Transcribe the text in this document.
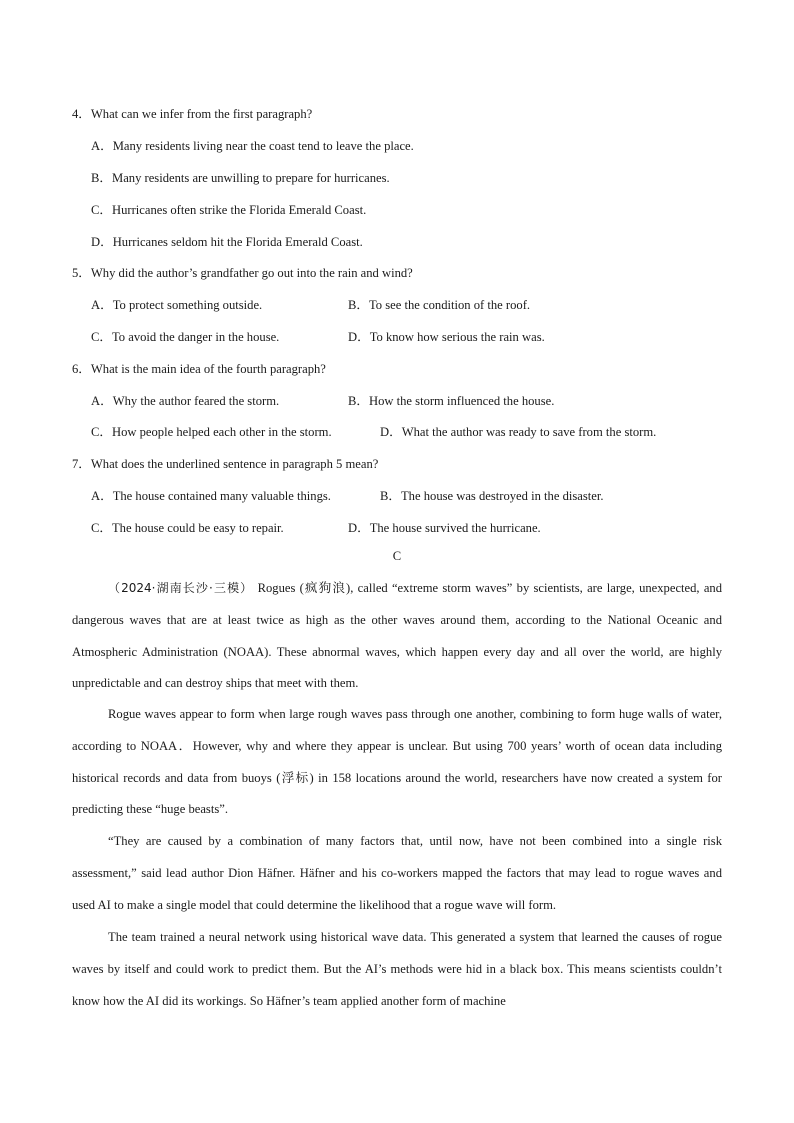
4．What can we infer from the first paragraph?
A．Many residents living near the coast tend to leave the place.
B．Many residents are unwilling to prepare for hurricanes.
C．Hurricanes often strike the Florida Emerald Coast.
D．Hurricanes seldom hit the Florida Emerald Coast.
5．Why did the author’s grandfather go out into the rain and wind?
A．To protect something outside.	B．To see the condition of the roof.
C．To avoid the danger in the house.	D．To know how serious the rain was.
6．What is the main idea of the fourth paragraph?
A．Why the author feared the storm.	B．How the storm influenced the house.
C．How people helped each other in the storm.	D．What the author was ready to save from the storm.
7．What does the underlined sentence in paragraph 5 mean?
A．The house contained many valuable things.	B．The house was destroyed in the disaster.
C．The house could be easy to repair.	D．The house survived the hurricane.
C
（2024·湖南长沙·三模） Rogues (疯狗浪), called “extreme storm waves” by scientists, are large, unexpected, and dangerous waves that are at least twice as high as the other waves around them, according to the National Oceanic and Atmospheric Administration (NOAA). These abnormal waves, which happen every day and all over the world, are highly unpredictable and can destroy ships that meet with them.
Rogue waves appear to form when large rough waves pass through one another, combining to form huge walls of water, according to NOAA．However, why and where they appear is unclear. But using 700 years’ worth of ocean data including historical records and data from buoys (浮标) in 158 locations around the world, researchers have now created a system for predicting these “huge beasts”.
“They are caused by a combination of many factors that, until now, have not been combined into a single risk assessment,” said lead author Dion Häfner. Häfner and his co-workers mapped the factors that may lead to rogue waves and used AI to make a single model that could determine the likelihood that a rogue wave will form.
The team trained a neural network using historical wave data. This generated a system that learned the causes of rogue waves by itself and could work to predict them. But the AI’s methods were hid in a black box. This means scientists couldn’t know how the AI did its workings. So Häfner’s team applied another form of machine
